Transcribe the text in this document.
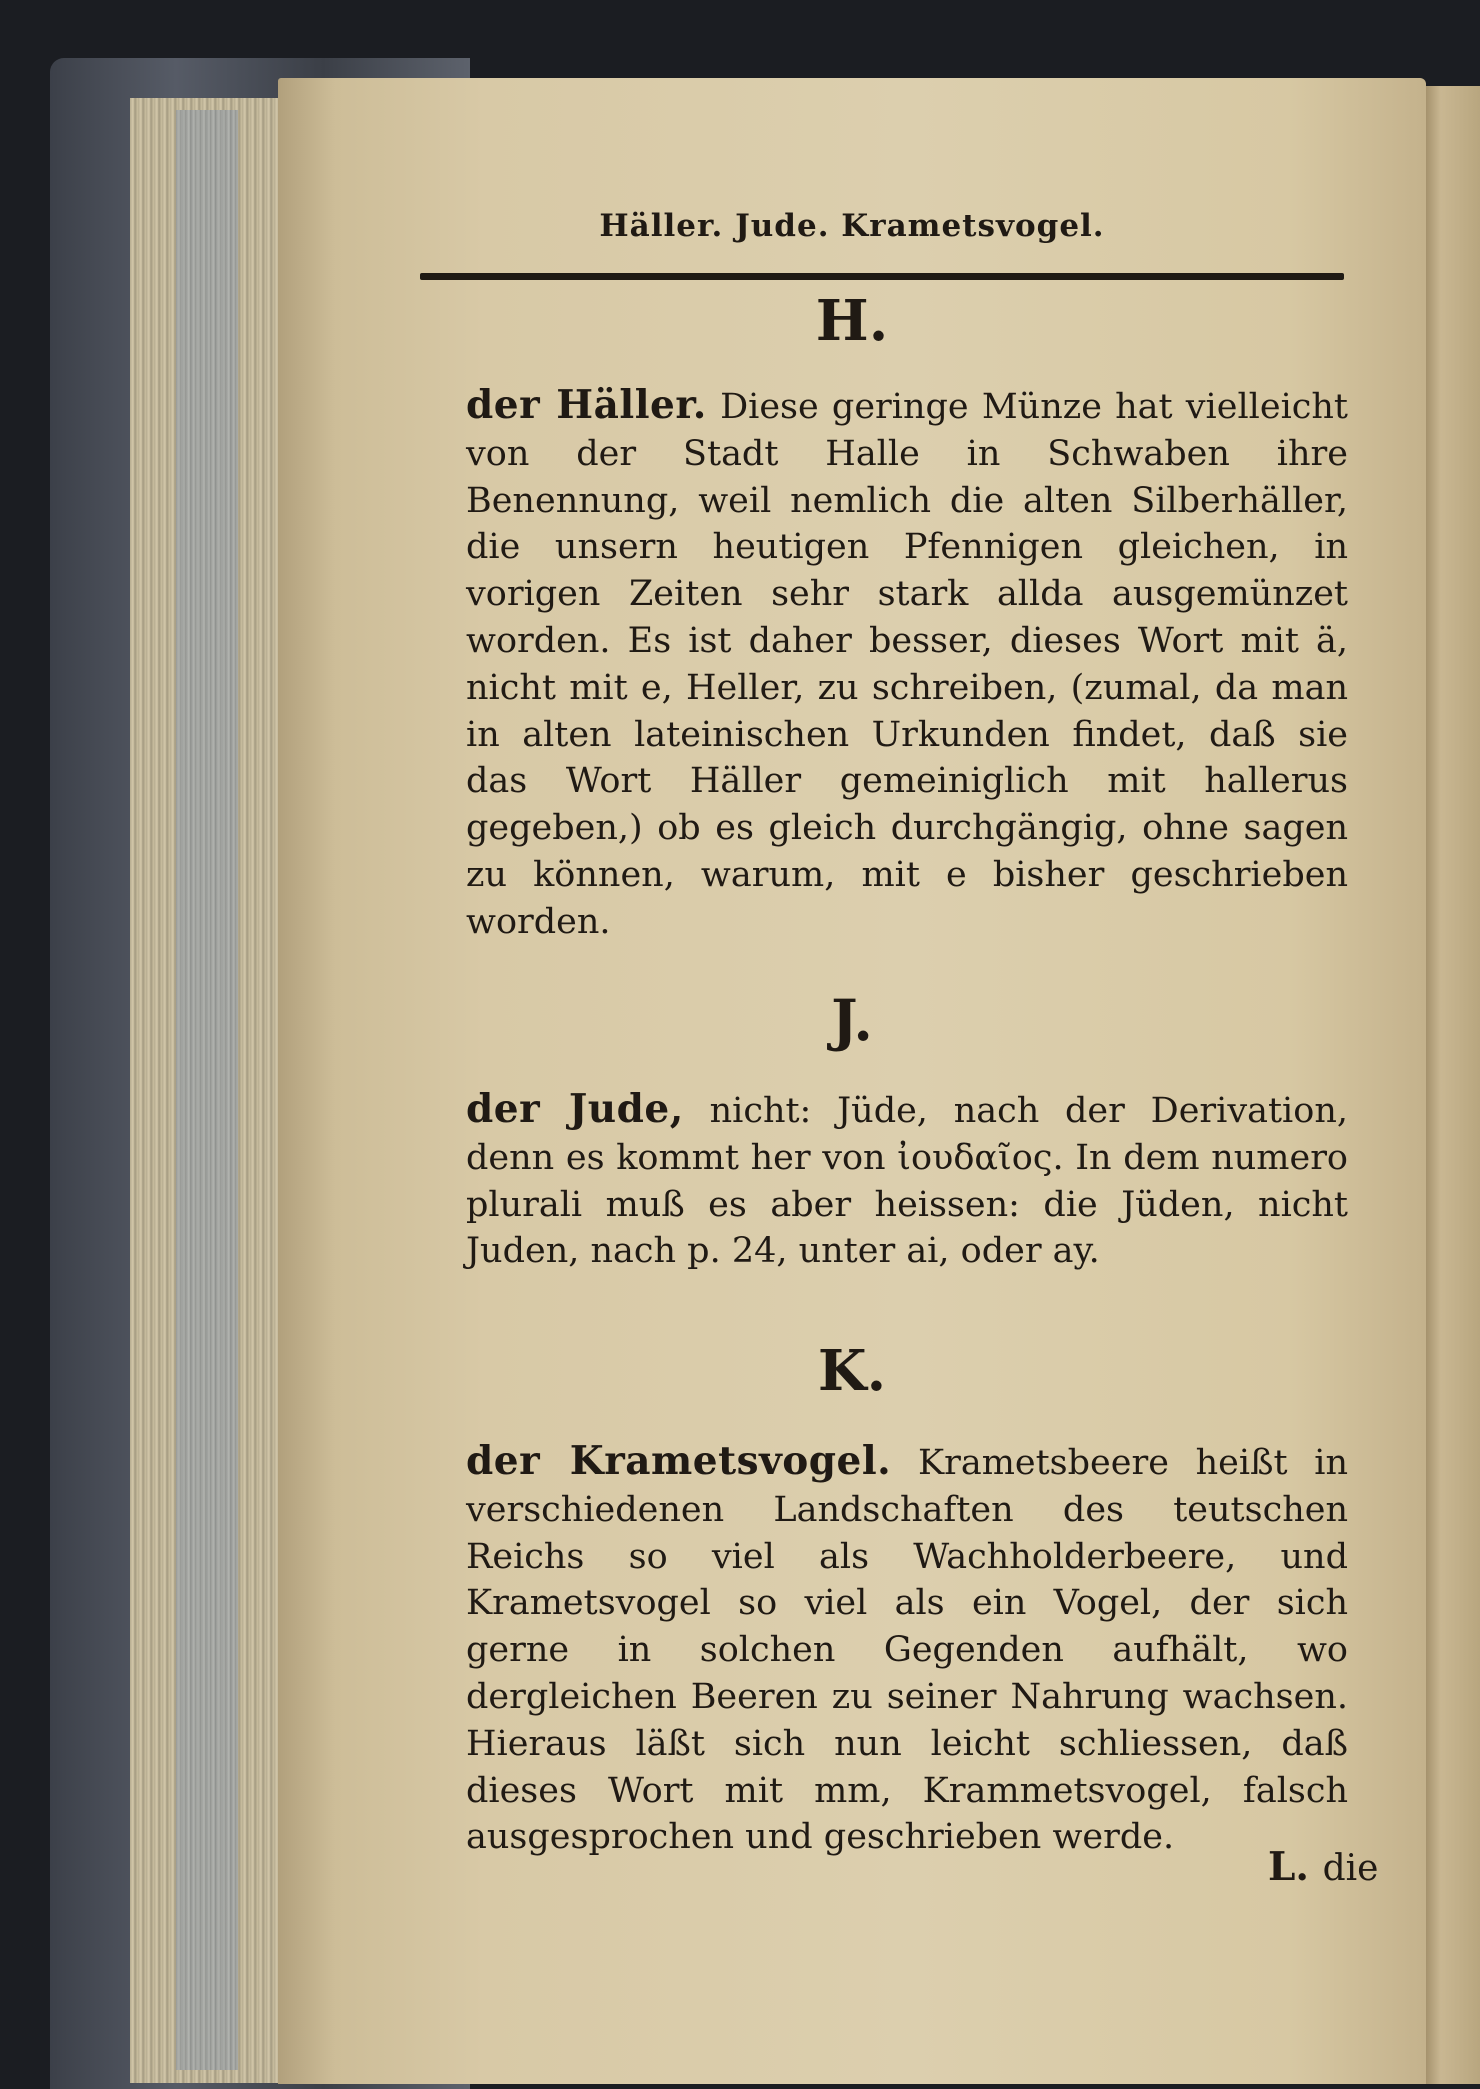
Häller. Jude. Krametsvogel.
H.

der Häller. Diese geringe Münze hat vielleicht von der Stadt Halle in Schwaben ihre Benennung, weil nemlich die alten Silberhäller, die unsern heutigen Pfennigen gleichen, in vorigen Zeiten sehr stark allda ausgemünzet worden. Es ist daher besser, dieses Wort mit ä, nicht mit e, Heller, zu schreiben, (zumal, da man in alten lateinischen Urkunden findet, daß sie das Wort Häller gemeiniglich mit hallerus gegeben,) ob es gleich durchgängig, ohne sagen zu können, warum, mit e bisher geschrieben worden.

J.

der Jude, nicht: Jüde, nach der Derivation, denn es kommt her von ἰουδαῖος. In dem numero plurali muß es aber heissen: die Jüden, nicht Juden, nach p. 24, unter ai, oder ay.

K.

der Krametsvogel. Krametsbeere heißt in verschiedenen Landschaften des teutschen Reichs so viel als Wachholderbeere, und Krametsvogel so viel als ein Vogel, der sich gerne in solchen Gegenden aufhält, wo dergleichen Beeren zu seiner Nahrung wachsen. Hieraus läßt sich nun leicht schliessen, daß dieses Wort mit mm, Krammetsvogel, falsch ausgesprochen und geschrieben werde.

L. die
